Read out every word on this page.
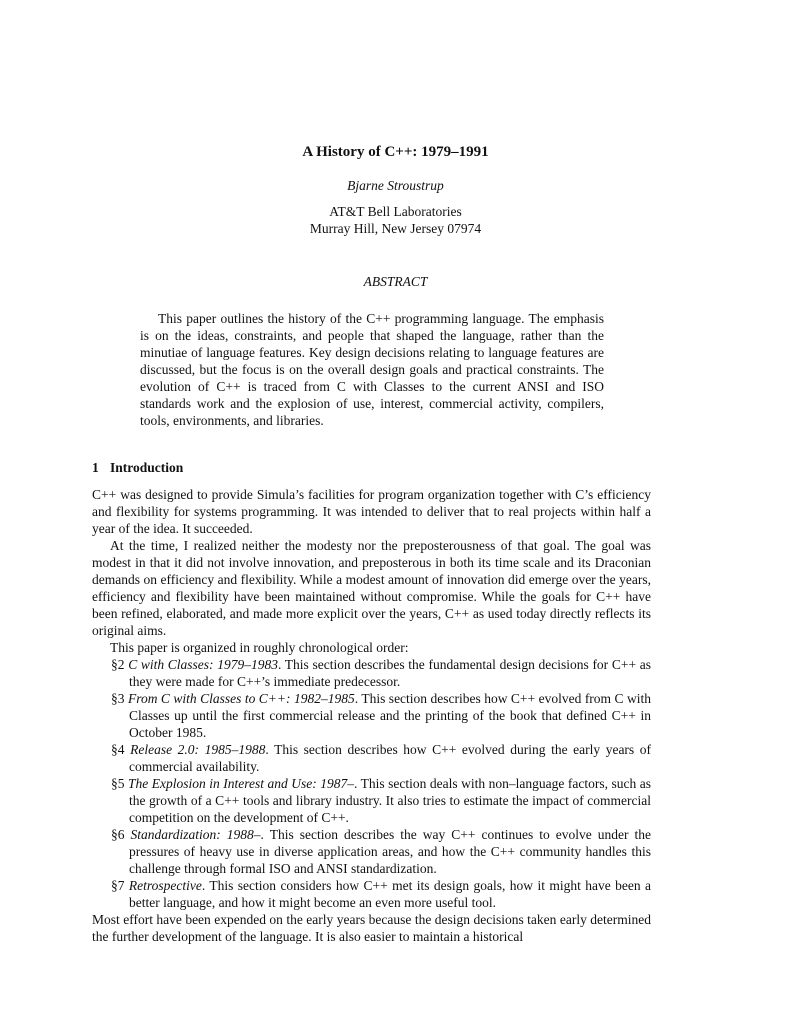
A History of C++: 1979–1991
Bjarne Stroustrup
AT&T Bell Laboratories
Murray Hill, New Jersey 07974
ABSTRACT

This paper outlines the history of the C++ programming language. The emphasis is on the ideas, constraints, and people that shaped the language, rather than the minutiae of language features. Key design decisions relating to language features are discussed, but the focus is on the overall design goals and practical constraints. The evolution of C++ is traced from C with Classes to the current ANSI and ISO standards work and the explosion of use, interest, commercial activity, compilers, tools, environments, and libraries.

1 Introduction

C++ was designed to provide Simula’s facilities for program organization together with C’s efficiency and flexibility for systems programming. It was intended to deliver that to real projects within half a year of the idea. It succeeded.

At the time, I realized neither the modesty nor the preposterousness of that goal. The goal was modest in that it did not involve innovation, and preposterous in both its time scale and its Draconian demands on efficiency and flexibility. While a modest amount of innovation did emerge over the years, efficiency and flexibility have been maintained without compromise. While the goals for C++ have been refined, elaborated, and made more explicit over the years, C++ as used today directly reflects its original aims.

This paper is organized in roughly chronological order:

§2 C with Classes: 1979–1983. This section describes the fundamental design decisions for C++ as they were made for C++’s immediate predecessor.
§3 From C with Classes to C++: 1982–1985. This section describes how C++ evolved from C with Classes up until the first commercial release and the printing of the book that defined C++ in October 1985.
§4 Release 2.0: 1985–1988. This section describes how C++ evolved during the early years of commercial availability.
§5 The Explosion in Interest and Use: 1987–. This section deals with non–language factors, such as the growth of a C++ tools and library industry. It also tries to estimate the impact of commercial competition on the development of C++.
§6 Standardization: 1988–. This section describes the way C++ continues to evolve under the pressures of heavy use in diverse application areas, and how the C++ community handles this challenge through formal ISO and ANSI standardization.
§7 Retrospective. This section considers how C++ met its design goals, how it might have been a better language, and how it might become an even more useful tool.

Most effort have been expended on the early years because the design decisions taken early determined the further development of the language. It is also easier to maintain a historical
